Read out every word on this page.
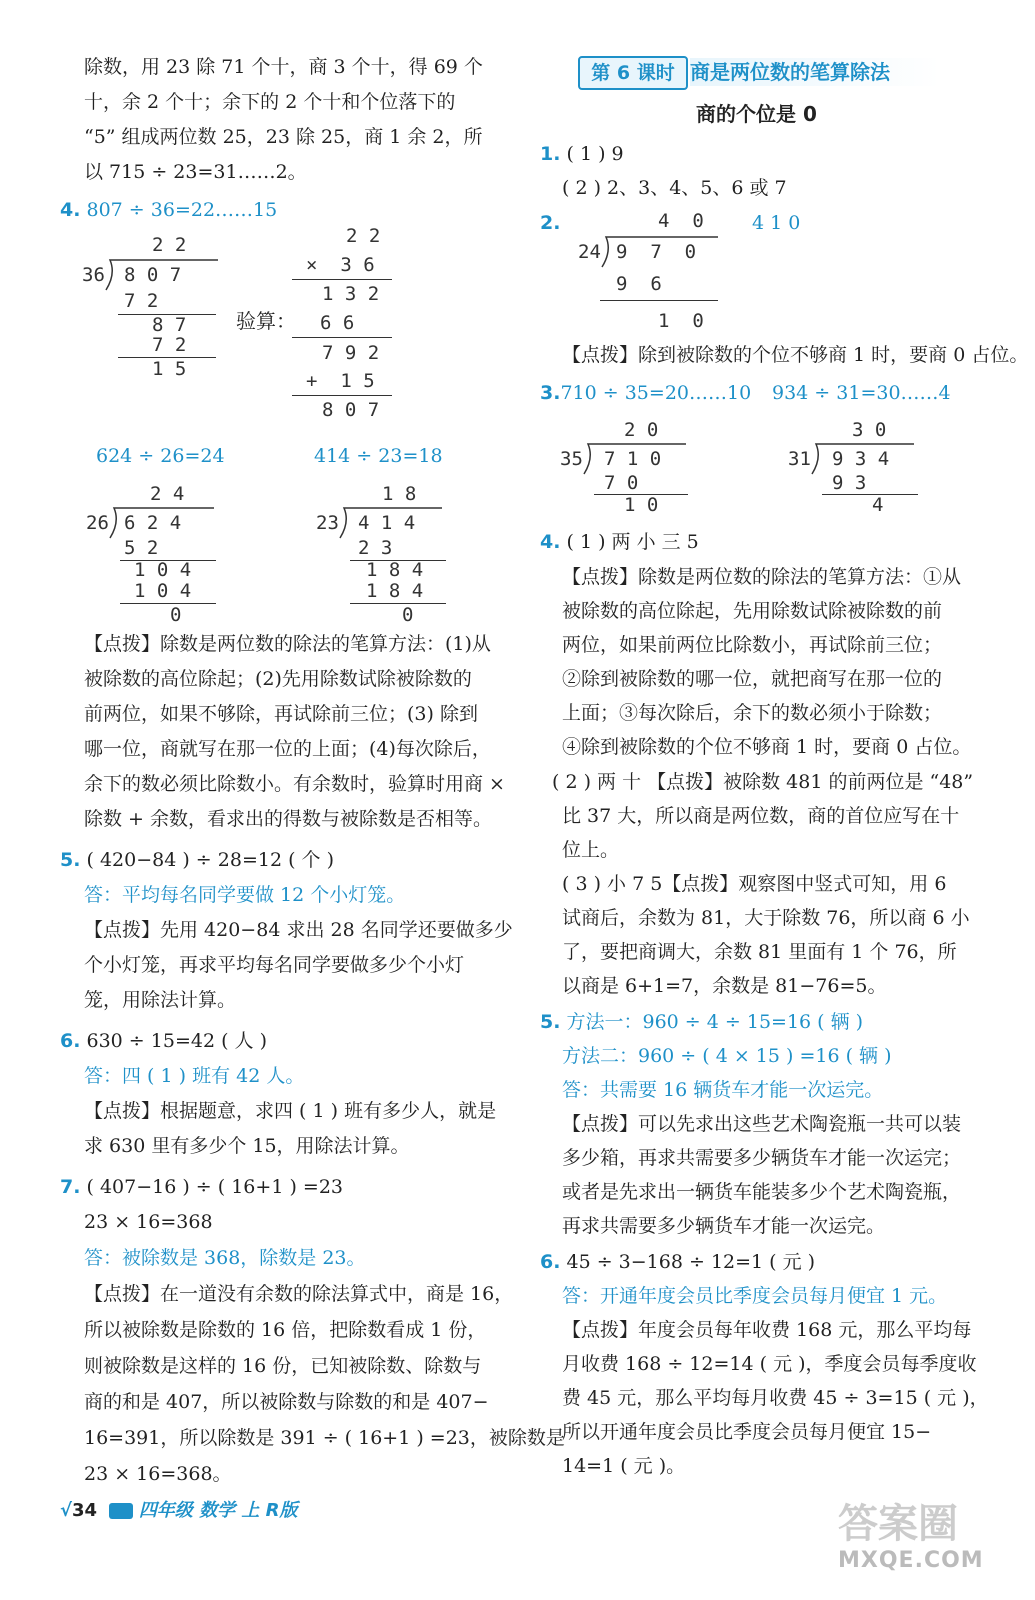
除数，用 23 除 71 个十，商 3 个十，得 69 个
十，余 2 个十；余下的 2 个十和个位落下的
“5” 组成两位数 25，23 除 25，商 1 余 2，所
以 715 ÷ 23=31……2。
4. 807 ÷ 36=22……15
2 2
36 8 0 7
7 2
8 7
7 2
1 5
验算：
2 2
×  3 6
1 3 2
6 6
7 9 2
+  1 5
8 0 7
624 ÷ 26=24	414 ÷ 23=18
2 4
26 6 2 4
5 2
1 0 4
1 0 4
0
1 8
23 4 1 4
2 3
1 8 4
1 8 4
0
【点拨】除数是两位数的除法的笔算方法：(1)从
被除数的高位除起；(2)先用除数试除被除数的
前两位，如果不够除，再试除前三位；(3) 除到
哪一位，商就写在那一位的上面；(4)每次除后，
余下的数必须比除数小。有余数时，验算时用商 ×
除数 + 余数，看求出的得数与被除数是否相等。
5. ( 420−84 ) ÷ 28=12 ( 个 )
答：平均每名同学要做 12 个小灯笼。
【点拨】先用 420−84 求出 28 名同学还要做多少
个小灯笼，再求平均每名同学要做多少个小灯
笼，用除法计算。
6. 630 ÷ 15=42 ( 人 )
答：四 ( 1 ) 班有 42 人。
【点拨】根据题意，求四 ( 1 ) 班有多少人，就是
求 630 里有多少个 15，用除法计算。
7. ( 407−16 ) ÷ ( 16+1 ) =23
23 × 16=368
答：被除数是 368，除数是 23。
【点拨】在一道没有余数的除法算式中，商是 16，
所以被除数是除数的 16 倍，把除数看成 1 份，
则被除数是这样的 16 份，已知被除数、除数与
商的和是 407，所以被除数与除数的和是 407−
16=391，所以除数是 391 ÷ ( 16+1 ) =23，被除数是
23 × 16=368。
第 6 课时 商是两位数的笔算除法
商的个位是 0
1. ( 1 ) 9
( 2 ) 2、3、4、5、6 或 7
2.	4 1 0
4  0
24 9  7  0
9  6
1  0
【点拨】除到被除数的个位不够商 1 时，要商 0 占位。
3.710 ÷ 35=20……10 934 ÷ 31=30……4
2 0
35 7 1 0
7 0
1 0
3 0
31 9 3 4
9 3
4
4. ( 1 ) 两 小 三 5
【点拨】除数是两位数的除法的笔算方法：①从
被除数的高位除起，先用除数试除被除数的前
两位，如果前两位比除数小，再试除前三位；
②除到被除数的哪一位，就把商写在那一位的
上面；③每次除后，余下的数必须小于除数；
④除到被除数的个位不够商 1 时，要商 0 占位。
( 2 ) 两 十 【点拨】被除数 481 的前两位是 “48”
比 37 大，所以商是两位数，商的首位应写在十
位上。
( 3 ) 小 7 5【点拨】观察图中竖式可知，用 6
试商后，余数为 81，大于除数 76，所以商 6 小
了，要把商调大，余数 81 里面有 1 个 76，所
以商是 6+1=7，余数是 81−76=5。
5. 方法一：960 ÷ 4 ÷ 15=16 ( 辆 )
方法二：960 ÷ ( 4 × 15 ) =16 ( 辆 )
答：共需要 16 辆货车才能一次运完。
【点拨】可以先求出这些艺术陶瓷瓶一共可以装
多少箱，再求共需要多少辆货车才能一次运完；
或者是先求出一辆货车能装多少个艺术陶瓷瓶，
再求共需要多少辆货车才能一次运完。
6. 45 ÷ 3−168 ÷ 12=1 ( 元 )
答：开通年度会员比季度会员每月便宜 1 元。
【点拨】年度会员每年收费 168 元，那么平均每
月收费 168 ÷ 12=14 ( 元 )，季度会员每季度收
费 45 元，那么平均每月收费 45 ÷ 3=15 ( 元 )，
所以开通年度会员比季度会员每月便宜 15−
14=1 ( 元 )。
√34 四年级 数学 上 R版	答案圈
MXQE.COM
